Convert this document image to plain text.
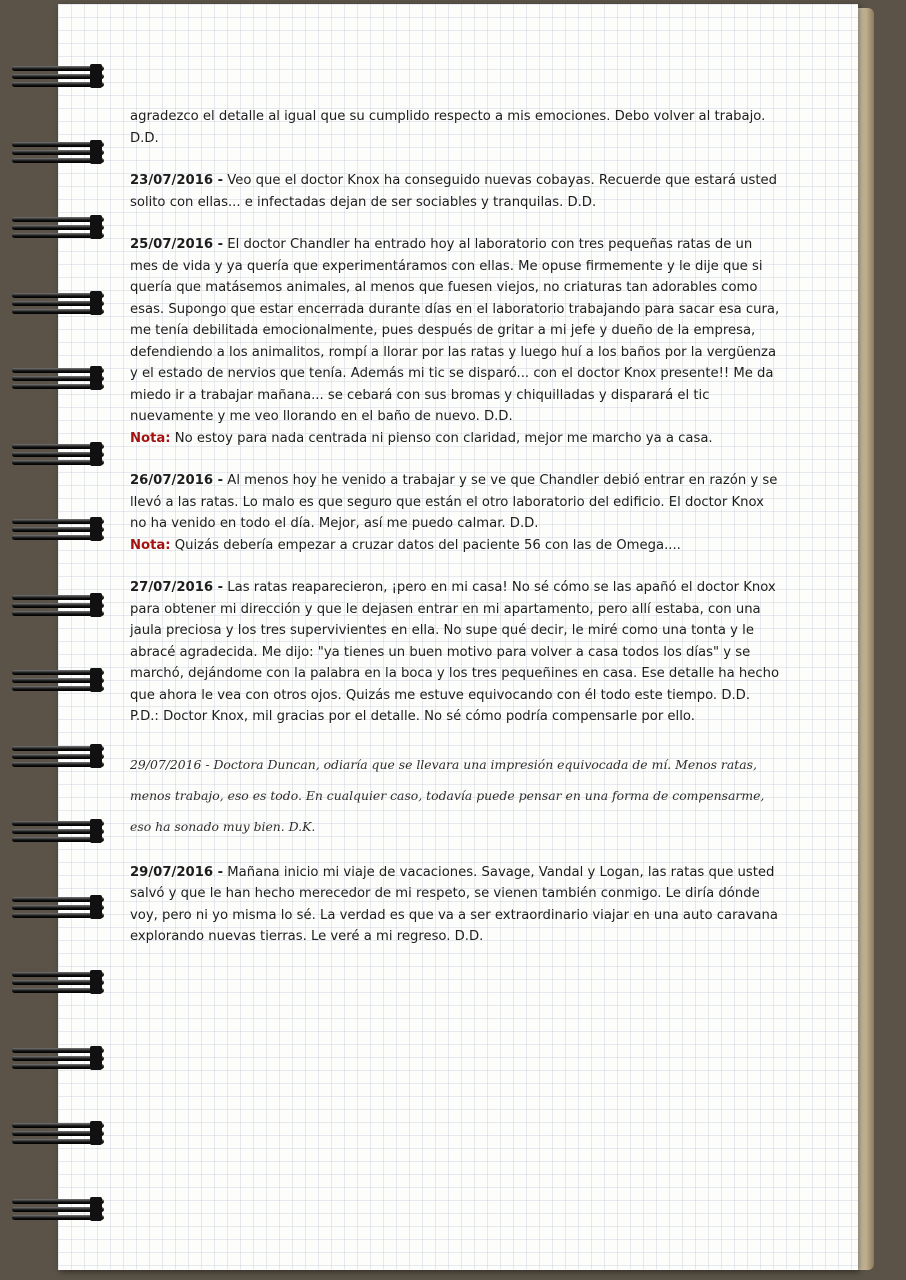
agradezco el detalle al igual que su cumplido respecto a mis emociones. Debo volver al trabajo. D.D.

23/07/2016 - Veo que el doctor Knox ha conseguido nuevas cobayas. Recuerde que estará usted solito con ellas... e infectadas dejan de ser sociables y tranquilas. D.D.

25/07/2016 - El doctor Chandler ha entrado hoy al laboratorio con tres pequeñas ratas de un mes de vida y ya quería que experimentáramos con ellas. Me opuse firmemente y le dije que si quería que matásemos animales, al menos que fuesen viejos, no criaturas tan adorables como esas. Supongo que estar encerrada durante días en el laboratorio trabajando para sacar esa cura, me tenía debilitada emocionalmente, pues después de gritar a mi jefe y dueño de la empresa, defendiendo a los animalitos, rompí a llorar por las ratas y luego huí a los baños por la vergüenza y el estado de nervios que tenía. Además mi tic se disparó... con el doctor Knox presente!! Me da miedo ir a trabajar mañana... se cebará con sus bromas y chiquilladas y disparará el tic nuevamente y me veo llorando en el baño de nuevo. D.D.

Nota: No estoy para nada centrada ni pienso con claridad, mejor me marcho ya a casa.

26/07/2016 - Al menos hoy he venido a trabajar y se ve que Chandler debió entrar en razón y se llevó a las ratas. Lo malo es que seguro que están el otro laboratorio del edificio. El doctor Knox no ha venido en todo el día. Mejor, así me puedo calmar. D.D.

Nota: Quizás debería empezar a cruzar datos del paciente 56 con las de Omega....

27/07/2016 - Las ratas reaparecieron, ¡pero en mi casa! No sé cómo se las apañó el doctor Knox para obtener mi dirección y que le dejasen entrar en mi apartamento, pero allí estaba, con una jaula preciosa y los tres supervivientes en ella. No supe qué decir, le miré como una tonta y le abracé agradecida. Me dijo: "ya tienes un buen motivo para volver a casa todos los días" y se marchó, dejándome con la palabra en la boca y los tres pequeñines en casa. Ese detalle ha hecho que ahora le vea con otros ojos. Quizás me estuve equivocando con él todo este tiempo. D.D.

P.D.: Doctor Knox, mil gracias por el detalle. No sé cómo podría compensarle por ello.

29/07/2016 - Doctora Duncan, odiaría que se llevara una impresión equivocada de mí. Menos ratas, menos trabajo, eso es todo. En cualquier caso, todavía puede pensar en una forma de compensarme, eso ha sonado muy bien. D.K.

29/07/2016 - Mañana inicio mi viaje de vacaciones. Savage, Vandal y Logan, las ratas que usted salvó y que le han hecho merecedor de mi respeto, se vienen también conmigo. Le diría dónde voy, pero ni yo misma lo sé. La verdad es que va a ser extraordinario viajar en una auto caravana explorando nuevas tierras. Le veré a mi regreso. D.D.
